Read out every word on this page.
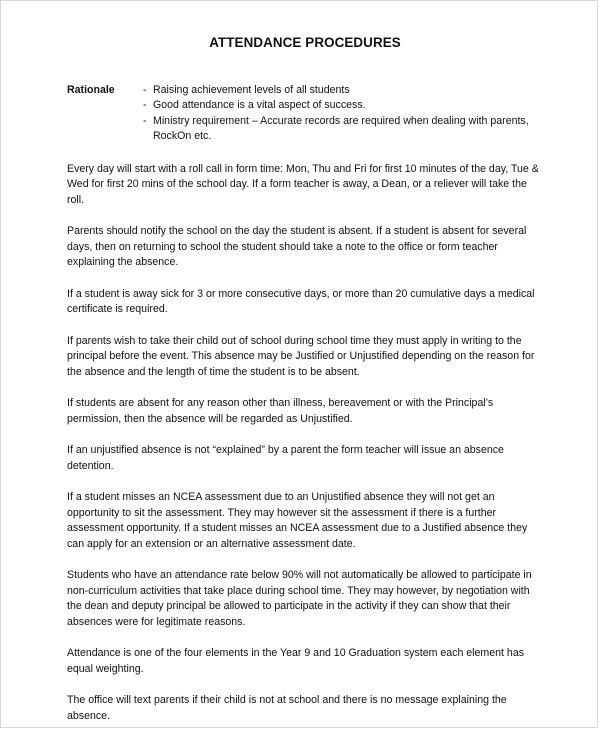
ATTENDANCE PROCEDURES
Rationale	- Raising achievement levels of all students
- Good attendance is a vital aspect of success.
- Ministry requirement – Accurate records are required when dealing with parents, RockOn etc.

Every day will start with a roll call in form time: Mon, Thu and Fri for first 10 minutes of the day, Tue & Wed for first 20 mins of the school day. If a form teacher is away, a Dean, or a reliever will take the roll.

Parents should notify the school on the day the student is absent. If a student is absent for several days, then on returning to school the student should take a note to the office or form teacher explaining the absence.

If a student is away sick for 3 or more consecutive days, or more than 20 cumulative days a medical certificate is required.

If parents wish to take their child out of school during school time they must apply in writing to the principal before the event. This absence may be Justified or Unjustified depending on the reason for the absence and the length of time the student is to be absent.

If students are absent for any reason other than illness, bereavement or with the Principal’s permission, then the absence will be regarded as Unjustified.

If an unjustified absence is not “explained” by a parent the form teacher will issue an absence detention.

If a student misses an NCEA assessment due to an Unjustified absence they will not get an opportunity to sit the assessment. They may however sit the assessment if there is a further assessment opportunity. If a student misses an NCEA assessment due to a Justified absence they can apply for an extension or an alternative assessment date.

Students who have an attendance rate below 90% will not automatically be allowed to participate in non-curriculum activities that take place during school time. They may however, by negotiation with the dean and deputy principal be allowed to participate in the activity if they can show that their absences were for legitimate reasons.

Attendance is one of the four elements in the Year 9 and 10 Graduation system each element has equal weighting.

The office will text parents if their child is not at school and there is no message explaining the absence.
